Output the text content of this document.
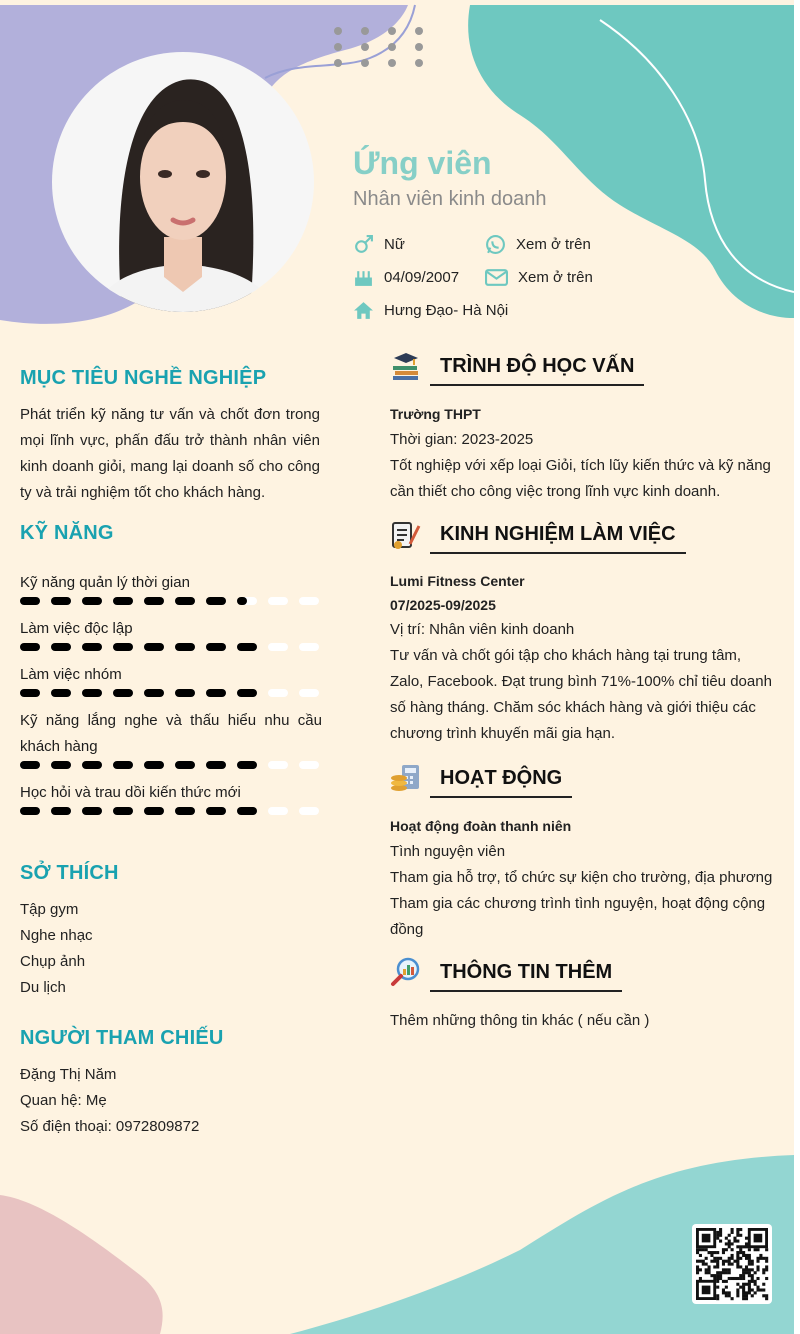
Ứng viên
Nhân viên kinh doanh
Nữ	Xem ở trên
04/09/2007	Xem ở trên
Hưng Đạo- Hà Nội
MỤC TIÊU NGHỀ NGHIỆP
Phát triển kỹ năng tư vấn và chốt đơn trong
mọi lĩnh vực, phấn đấu trở thành nhân viên
kinh doanh giỏi, mang lại doanh số cho công
ty và trải nghiệm tốt cho khách hàng.
KỸ NĂNG
Kỹ năng quản lý thời gian
Làm việc độc lập
Làm việc nhóm
Kỹ năng lắng nghe và thấu hiểu nhu cầu khách hàng
Học hỏi và trau dồi kiến thức mới
SỞ THÍCH
Tập gym
Nghe nhạc
Chụp ảnh
Du lịch
NGƯỜI THAM CHIẾU
Đặng Thị Năm
Quan hệ: Mẹ
Số điện thoại: 0972809872
TRÌNH ĐỘ HỌC VẤN
Trường THPT
Thời gian: 2023-2025
Tốt nghiệp với xếp loại Giỏi, tích lũy kiến thức và kỹ năng
cần thiết cho công việc trong lĩnh vực kinh doanh.
KINH NGHIỆM LÀM VIỆC
Lumi Fitness Center
07/2025-09/2025
Vị trí: Nhân viên kinh doanh
Tư vấn và chốt gói tập cho khách hàng tại trung tâm,
Zalo, Facebook. Đạt trung bình 71%-100% chỉ tiêu doanh
số hàng tháng. Chăm sóc khách hàng và giới thiệu các
chương trình khuyến mãi gia hạn.
HOẠT ĐỘNG
Hoạt động đoàn thanh niên
Tình nguyện viên
Tham gia hỗ trợ, tổ chức sự kiện cho trường, địa phương
Tham gia các chương trình tình nguyện, hoạt động cộng
đồng
THÔNG TIN THÊM
Thêm những thông tin khác ( nếu cần )
